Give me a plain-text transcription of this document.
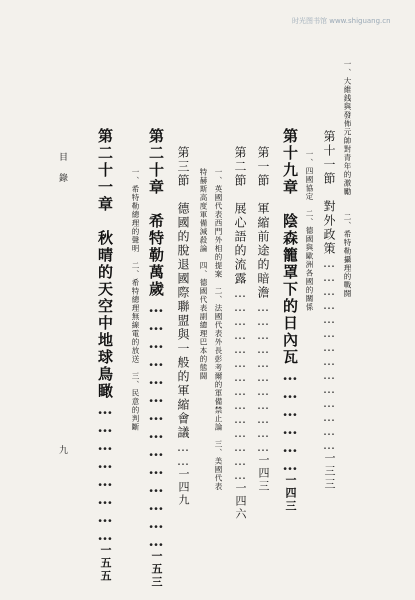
时光图书馆 www.shiguang.cn
一、大維銭與發佈元帥對青年的激勵　　二、希特勒攝理的戰闘
第十一節　對外政策……………………………………一三三
一、四國協定　二、德國與歐洲各國的關係
第十九章　陰森籠罩下的日內瓦………………一四三
第一節　軍縮前途的暗澹……………………………一四三
第二節　展心語的流露……………………………………一四六
一、英國代表西門外相的提案　二、法國代表外長彭考爾的軍備禁止論　三、美國代表
特赫斯高度軍備減殺論　四、德國代表副總理巴本的態闘
第三節　德國的脫退國際聯盟與一般的軍縮會議……一四九
第二十章　希特勒萬歲……………………………………一五三
一、希特勒總理的聲明　二、希特總理無線電的放送　三、民意的判斷
第二十一章　秋晴的天空中地球鳥瞰……………………一五五
目 錄
九
